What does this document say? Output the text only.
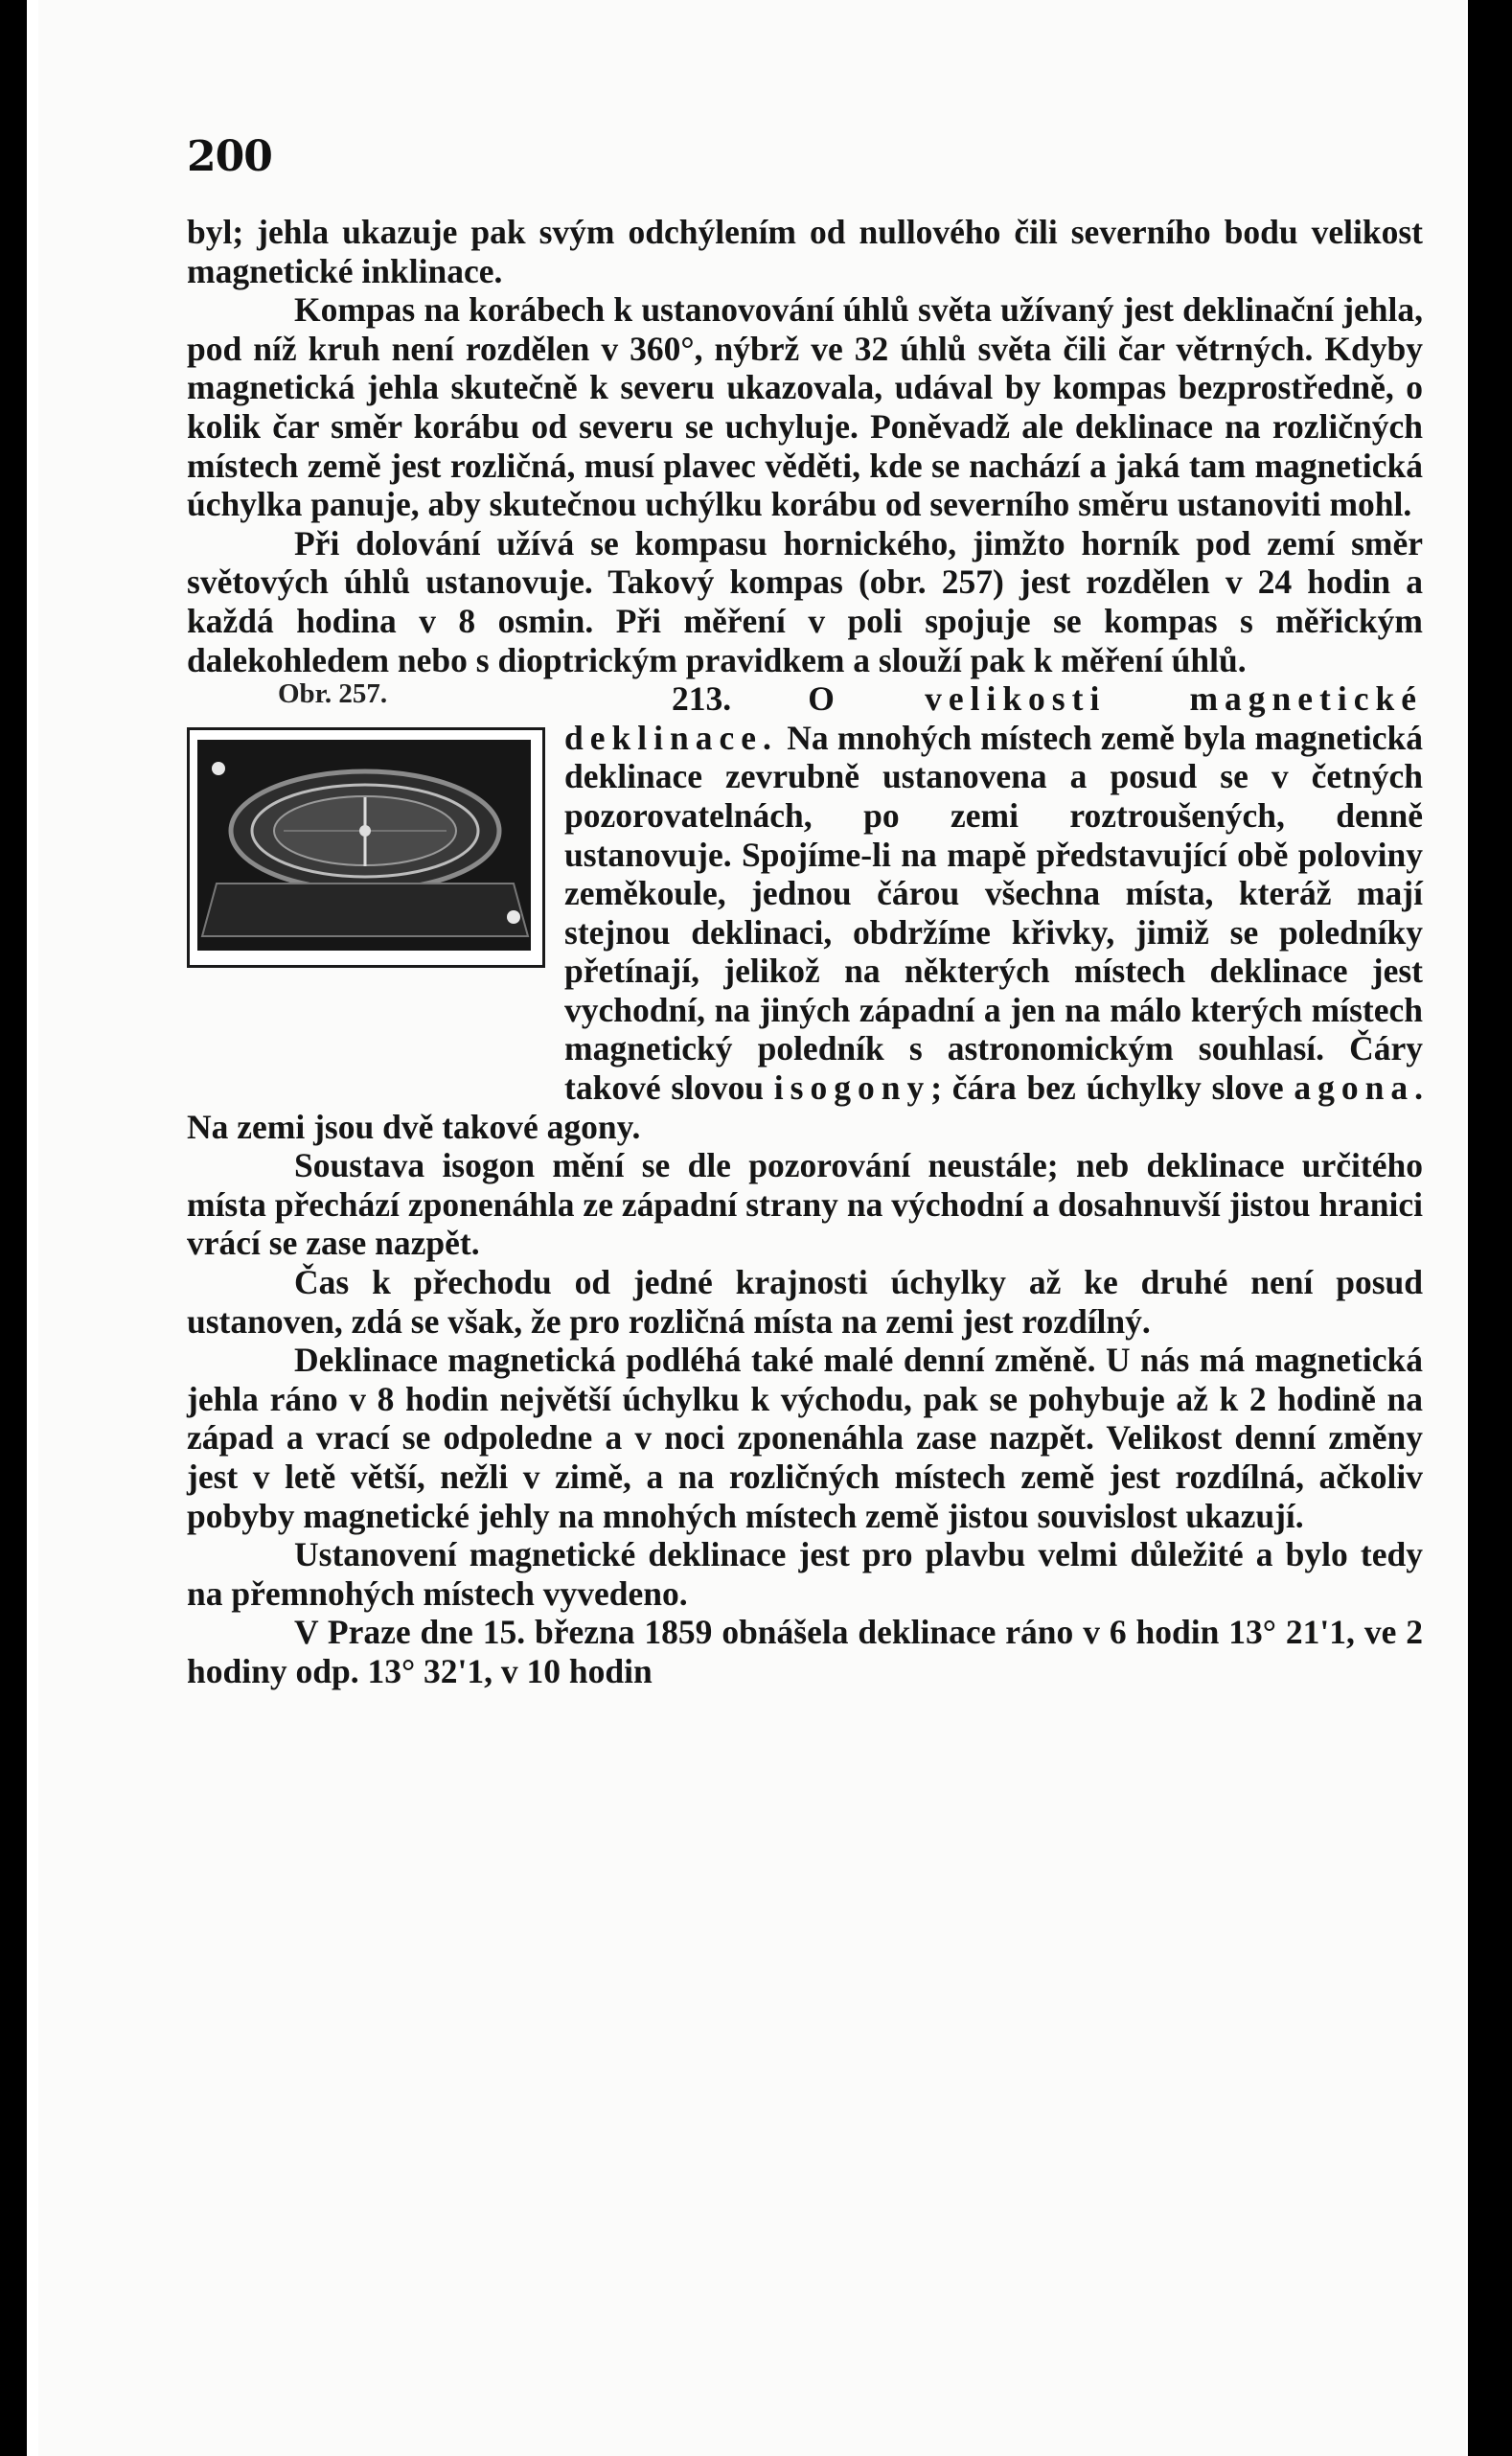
200

byl; jehla ukazuje pak svým odchýlením od nullového čili severního bodu velikost magnetické inklinace.

Kompas na korábech k ustanovování úhlů světa užívaný jest deklinační jehla, pod níž kruh není rozdělen v 360°, nýbrž ve 32 úhlů světa čili čar větrných. Kdyby magnetická jehla skutečně k severu ukazovala, udával by kompas bezprostředně, o kolik čar směr korábu od severu se uchyluje. Poněvadž ale deklinace na rozličných místech země jest rozličná, musí plavec věděti, kde se nachází a jaká tam magnetická úchylka panuje, aby skutečnou uchýlku korábu od severního směru ustanoviti mohl.

Při dolování užívá se kompasu hornického, jimžto horník pod zemí směr světových úhlů ustanovuje. Takový kompas (obr. 257) jest rozdělen v 24 hodin a každá hodina v 8 osmin. Při měření v poli spojuje se kompas s měřickým dalekohledem nebo s dioptrickým pravidkem a slouží pak k měření úhlů.

Obr. 257.	213. O velikosti magnetické deklinace. Na mnohých místech země byla magnetická deklinace zevrubně ustanovena a posud se v četných pozorovatelnách, po zemi roztroušených, denně ustanovuje. Spojíme-li na mapě představující obě poloviny zeměkoule, jednou čárou všechna místa, kteráž mají stejnou deklinaci, obdržíme křivky, jimiž se poledníky přetínají, jelikož na některých místech deklinace jest vychodní, na jiných západní a jen na málo kterých místech magnetický poledník s astronomickým souhlasí. Čáry takové slovou isogony; čára bez úchylky slove agona. Na zemi jsou dvě takové agony.

Soustava isogon mění se dle pozorování neustále; neb deklinace určitého místa přechází zponenáhla ze západní strany na východní a dosahnuvší jistou hranici vrácí se zase nazpět.

Čas k přechodu od jedné krajnosti úchylky až ke druhé není posud ustanoven, zdá se však, že pro rozličná místa na zemi jest rozdílný.

Deklinace magnetická podléhá také malé denní změně. U nás má magnetická jehla ráno v 8 hodin největší úchylku k východu, pak se pohybuje až k 2 hodině na západ a vrací se odpoledne a v noci zponenáhla zase nazpět. Velikost denní změny jest v letě větší, nežli v zimě, a na rozličných místech země jest rozdílná, ačkoliv pobyby magnetické jehly na mnohých místech země jistou souvislost ukazují.

Ustanovení magnetické deklinace jest pro plavbu velmi důležité a bylo tedy na přemnohých místech vyvedeno.

V Praze dne 15. března 1859 obnášela deklinace ráno v 6 hodin 13° 21'1, ve 2 hodiny odp. 13° 32'1, v 10 hodin
